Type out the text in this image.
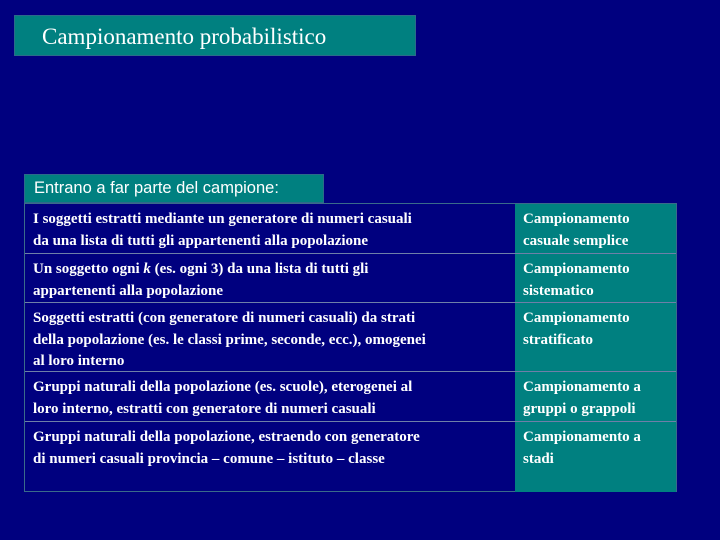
Campionamento probabilistico
Entrano a far parte del campione:
I soggetti estratti mediante un generatore di numeri casuali
da una lista di tutti gli appartenenti alla popolazione
Campionamento
casuale semplice
Un soggetto ogni k (es. ogni 3) da una lista di tutti gli
appartenenti alla popolazione
Campionamento
sistematico
Soggetti estratti (con generatore di numeri casuali) da strati
della popolazione (es. le classi prime, seconde, ecc.), omogenei
al loro interno
Campionamento
stratificato
Gruppi naturali della popolazione (es. scuole), eterogenei al
loro interno, estratti con generatore di numeri casuali
Campionamento a
gruppi o grappoli
Gruppi naturali della popolazione, estraendo con generatore
di numeri casuali provincia – comune – istituto – classe
Campionamento a
stadi
